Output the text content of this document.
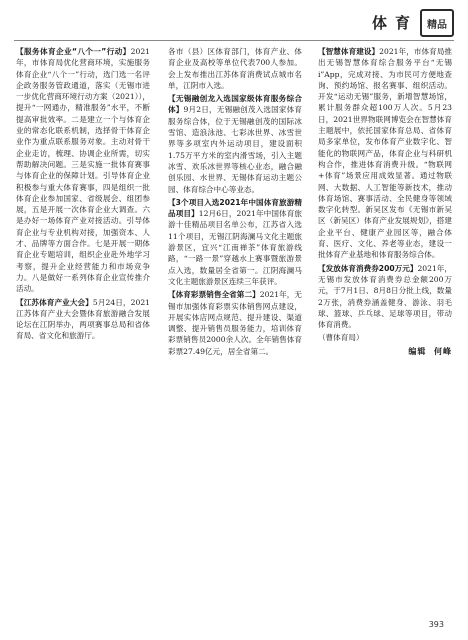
体育 精品

【服务体育企业“八个一”行动】2021年，市体育局优化营商环境，实施服务体育企业“八个一”行动，选门选一名评企政务服务管政通道，落实（无锡市进一步优化营商环境行动方案（2021）），提升“一网通办，精准服务”水平，不断提高审批效率。二是建立一个与体育企业的常态化联系机制，选择骨干体育企业作为重点联系服务对象。主动对骨干企业走访，梳理、协调企业所需，切实帮助解决问题。三是实施一批体育赛事与体育企业的保障计划。引导体育企业积极参与重大体育赛事，四是组织一批体育企业参加国家、省级展会、组团参展，五是开展一次体育企业大调查。六是办好一场体育产业对接活动。引导体育企业与专业机构对接，加强资本、人才、品牌等方面合作。七是开展一期体育企业专题培训，组织企业赴外地学习考察，提升企业经营能力和市场竞争力。八是做好一系列体育企业宣传推介活动。

【江苏体育产业大会】5月24日，2021江苏体育产业大会暨体育旅游融合发展论坛在江阴举办，两项赛事总局和省体育局、省文化和旅游厅。

各市（县）区体育部门，体育产业、体育企业及高校等单位代表700人参加。会上发布推出江苏体育消费试点城市名单，江阴市入选。

【无锡融创龙入选国家级体育服务综合体】9月2日，无锡融创茂入选国家体育服务综合体，位于无锡融创茂的国际冰雪馆、造浪泳池、七彩冰世界、冰雪世界等多项室内外运动项目，建设面积1.75万平方米的室内滑雪场，引入主题冰雪、欢乐冰世界等核心业态，融合融创乐园、水世界、无锡体育运动主题公园、体育综合中心等业态。

【3个项目入选2021年中国体育旅游精品项目】12月6日，2021年中国体育旅游十佳精品项目名单公布，江苏省入选11个项目，无锡江阴海澜马文化主题旅游景区，宜兴“江南禅茶”体育旅游线路，“一路一景”穿越水上赛事暨旅游景点入选，数量居全省第一。江阴海澜马文化主题旅游景区连续三年获评。

【体育彩票销售全省第二】2021年，无锡市加强体育彩票实体销售网点建设，开展实体店网点规范、提升建设、渠道调整、提升销售员服务能力，培训体育彩票销售员2000余人次。全年销售体育彩票27.49亿元，居全省第二。

【智慧体育建设】2021年，市体育局推出无锡智慧体育综合服务平台“无锡i”App，完成对接、为市民可方便地查询、预约场馆、报名赛事、组织活动。开发“运动无锡”服务，新增智慧场馆，累计服务群众超100万人次。5月23日，2021世界物联网博览会在智慧体育主题展中，依托国家体育总局、省体育局多家单位，发布体育产业数字化、智能化的物联网产品，体育企业与科研机构合作，推进体育消费升级。“物联网+体育”场景应用成效显著。通过物联网、大数据、人工智能等新技术，推动体育场馆、赛事活动、全民健身等领域数字化转型。新吴区发布《无锡市新吴区（新吴区）体育产业发展规划》，搭建企业平台、健康产业园区等，融合体育、医疗、文化、养老等业态，建设一批体育产业基地和体育服务综合体。

【发放体育消费券200万元】2021年，无锡市发放体育消费券总金额200万元，于7月1日、8月8日分批上线，数量2万张，消费券涵盖健身、游泳、羽毛球、篮球、乒乓球、足球等项目，带动体育消费。

（曹体育局）
编辑 何峰
393
